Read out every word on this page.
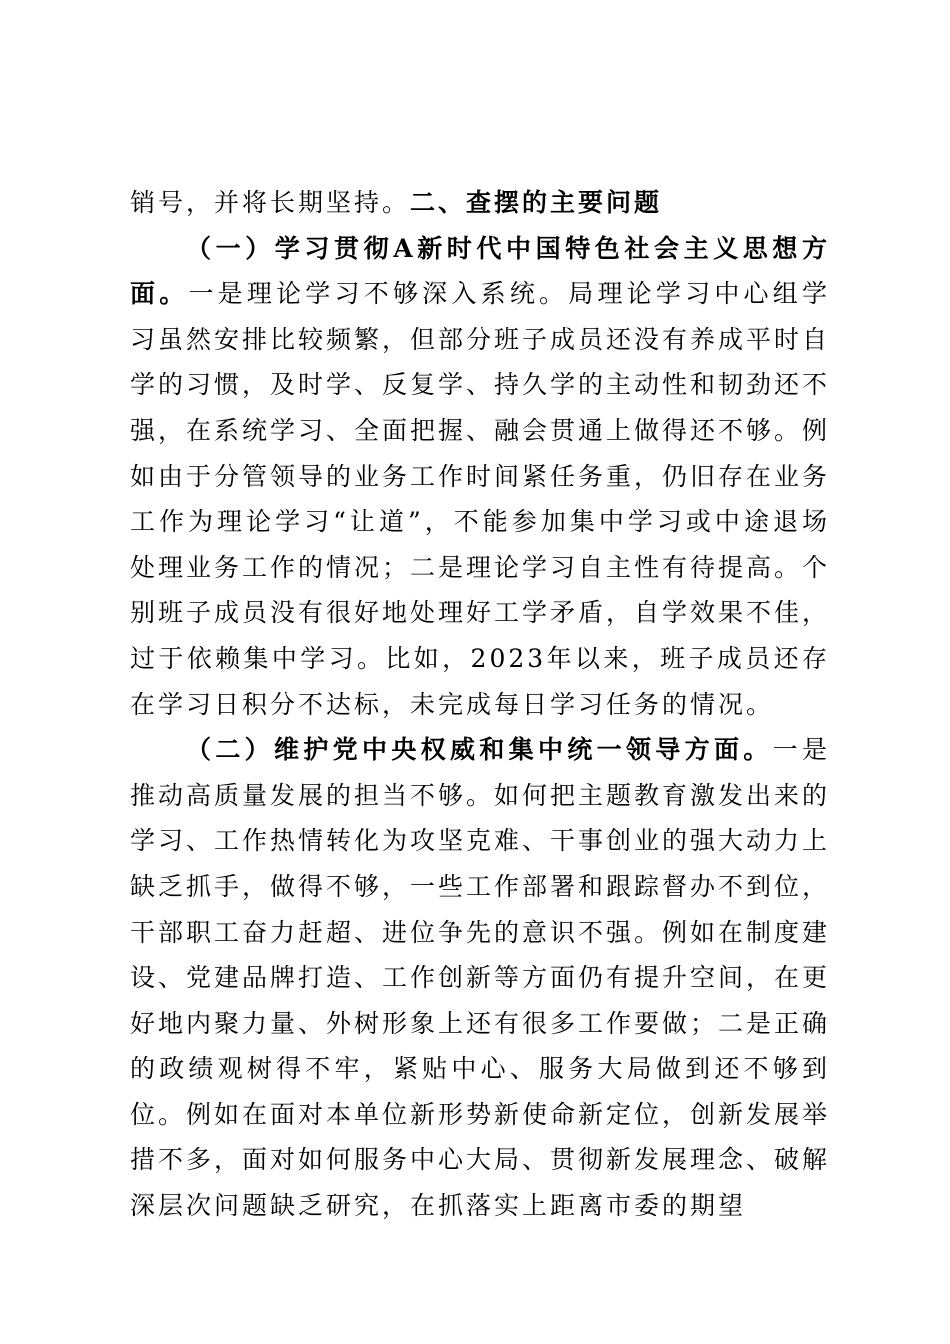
销号，并将长期坚持。二、查摆的主要问题

（一）学习贯彻A新时代中国特色社会主义思想方面。一是理论学习不够深入系统。局理论学习中心组学习虽然安排比较频繁，但部分班子成员还没有养成平时自学的习惯，及时学、反复学、持久学的主动性和韧劲还不强，在系统学习、全面把握、融会贯通上做得还不够。例如由于分管领导的业务工作时间紧任务重，仍旧存在业务工作为理论学习“让道”，不能参加集中学习或中途退场处理业务工作的情况；二是理论学习自主性有待提高。个别班子成员没有很好地处理好工学矛盾，自学效果不佳，过于依赖集中学习。比如，2023年以来，班子成员还存在学习日积分不达标，未完成每日学习任务的情况。

（二）维护党中央权威和集中统一领导方面。一是推动高质量发展的担当不够。如何把主题教育激发出来的学习、工作热情转化为攻坚克难、干事创业的强大动力上缺乏抓手，做得不够，一些工作部署和跟踪督办不到位，干部职工奋力赶超、进位争先的意识不强。例如在制度建设、党建品牌打造、工作创新等方面仍有提升空间，在更好地内聚力量、外树形象上还有很多工作要做；二是正确的政绩观树得不牢，紧贴中心、服务大局做到还不够到位。例如在面对本单位新形势新使命新定位，创新发展举措不多，面对如何服务中心大局、贯彻新发展理念、破解深层次问题缺乏研究，在抓落实上距离市委的期望
